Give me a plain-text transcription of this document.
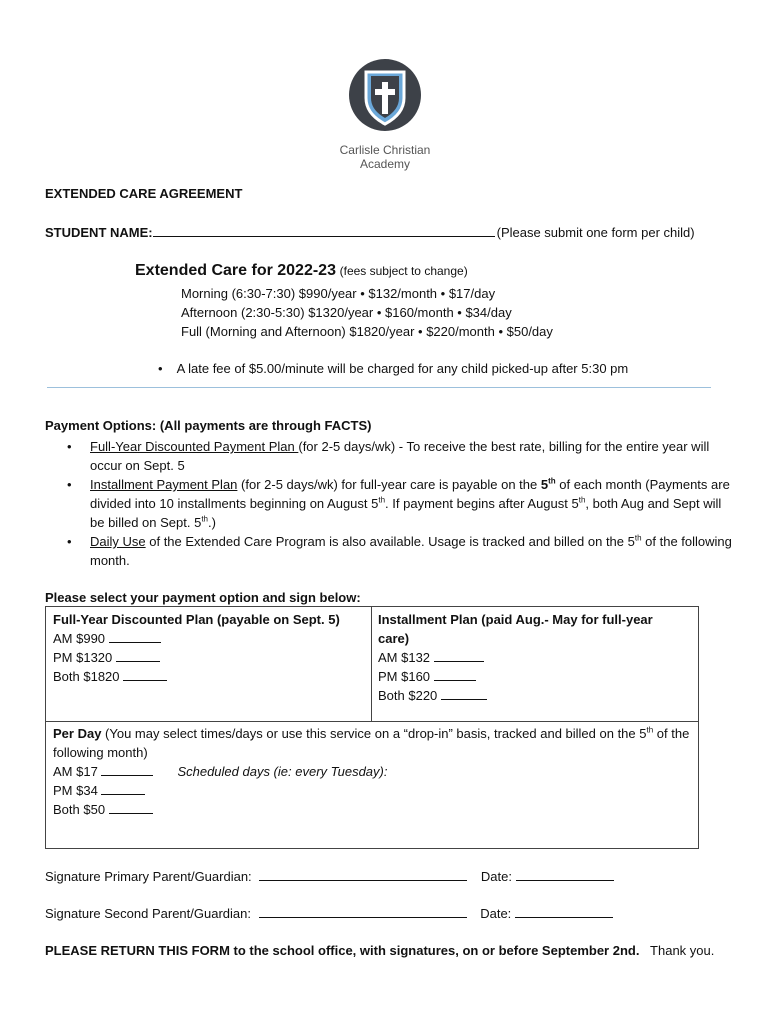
Carlisle Christian
Academy
EXTENDED CARE AGREEMENT
STUDENT NAME:	(Please submit one form per child)
Extended Care for 2022-23 (fees subject to change)
Morning (6:30-7:30) $990/year • $132/month • $17/day
Afternoon (2:30-5:30) $1320/year • $160/month • $34/day
Full (Morning and Afternoon) $1820/year • $220/month • $50/day
• A late fee of $5.00/minute will be charged for any child picked-up after 5:30 pm
Payment Options: (All payments are through FACTS)
• Full-Year Discounted Payment Plan (for 2-5 days/wk) - To receive the best rate, billing for the entire year will occur on Sept. 5
• Installment Payment Plan (for 2-5 days/wk) for full-year care is payable on the 5th of each month (Payments are divided into 10 installments beginning on August 5th. If payment begins after August 5th, both Aug and Sept will be billed on Sept. 5th.)
• Daily Use of the Extended Care Program is also available. Usage is tracked and billed on the 5th of the following month.
Please select your payment option and sign below:
Full-Year Discounted Plan (payable on Sept. 5)
AM $990
PM $1320
Both $1820
Installment Plan (paid Aug.- May for full-year care)
AM $132
PM $160
Both $220
Per Day (You may select times/days or use this service on a “drop-in” basis, tracked and billed on the 5th of the following month)
AM $17	Scheduled days (ie: every Tuesday):
PM $34
Both $50
Signature Primary Parent/Guardian:	Date:
Signature Second Parent/Guardian:	Date:
PLEASE RETURN THIS FORM to the school office, with signatures, on or before September 2nd.   Thank you.
